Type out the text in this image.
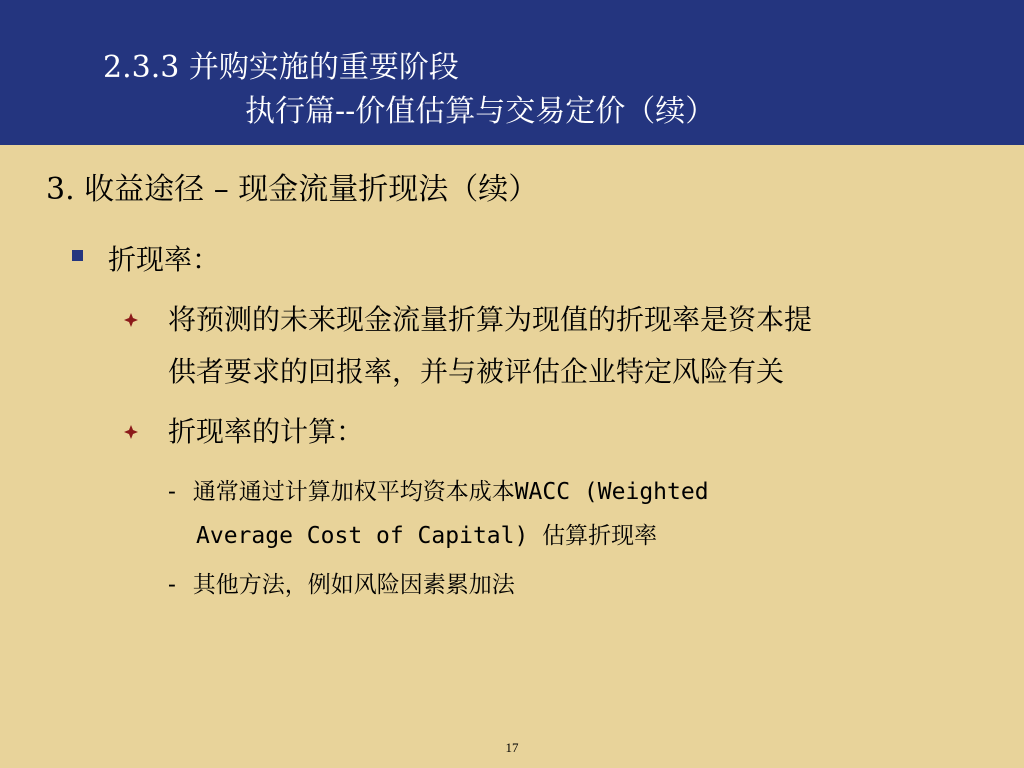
2.3.3 并购实施的重要阶段
执行篇--价值估算与交易定价（续）
3. 收益途径 – 现金流量折现法（续）
折现率：
将预测的未来现金流量折算为现值的折现率是资本提
供者要求的回报率，并与被评估企业特定风险有关
折现率的计算：
- 通常通过计算加权平均资本成本WACC (Weighted
Average Cost of Capital) 估算折现率
- 其他方法，例如风险因素累加法
17
